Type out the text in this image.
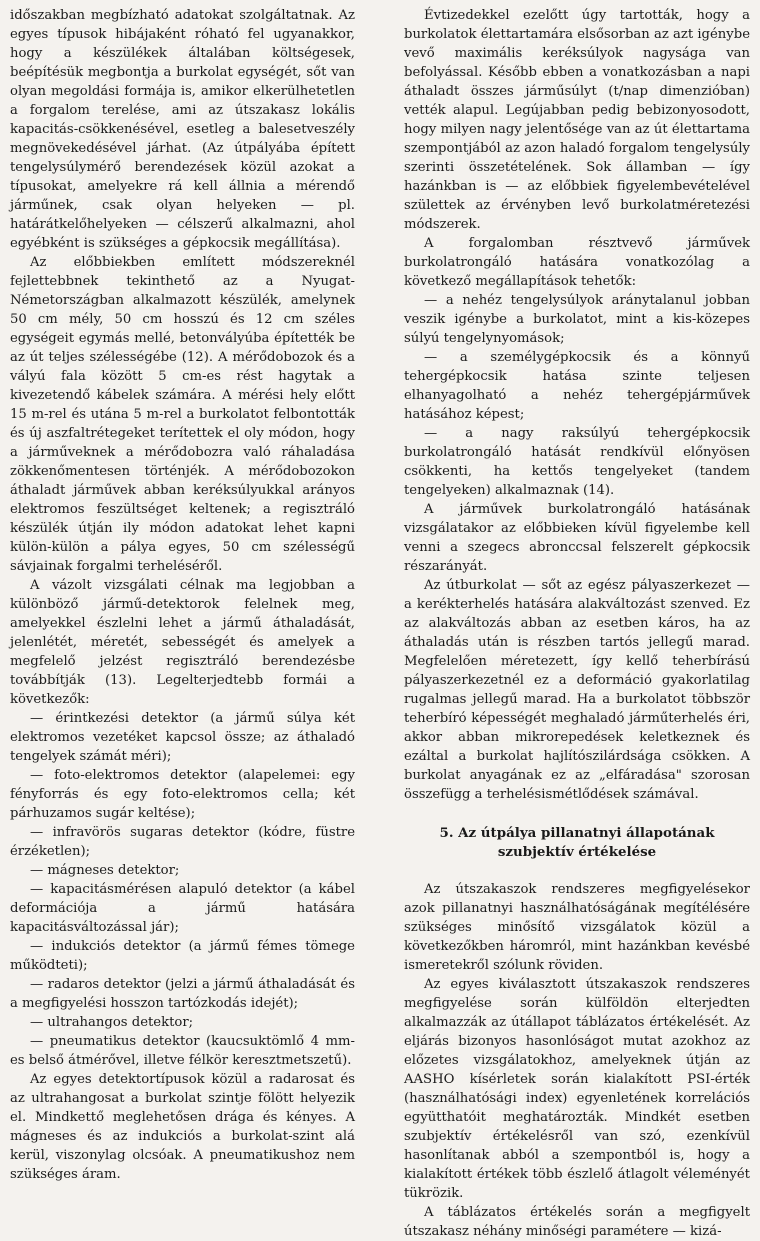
időszakban megbízható adatokat szolgáltatnak. Az egyes típusok hibájaként róható fel ugyanakkor, hogy a készülékek általában költségesek, beépítésük megbontja a burkolat egységét, sőt van olyan megoldási formája is, amikor elkerülhetetlen a forgalom terelése, ami az útszakasz lokális kapacitás-csökkenésével, esetleg a balesetveszély megnövekedésével járhat. (Az útpályába épített tengelysúlymérő berendezések közül azokat a típusokat, amelyekre rá kell állnia a mérendő járműnek, csak olyan helyeken — pl. határátkelőhelyeken — célszerű alkalmazni, ahol egyébként is szükséges a gépkocsik megállítása).

Az előbbiekben említett módszereknél fejlettebbnek tekinthető az a Nyugat-Németországban alkalmazott készülék, amelynek 50 cm mély, 50 cm hosszú és 12 cm széles egységeit egymás mellé, betonvályúba építették be az út teljes szélességébe (12). A mérődobozok és a vályú fala között 5 cm-es rést hagytak a kivezetendő kábelek számára. A mérési hely előtt 15 m-rel és utána 5 m-rel a burkolatot felbontották és új aszfaltrétegeket terítettek el oly módon, hogy a járműveknek a mérődobozra való ráhaladása zökkenőmentesen történjék. A mérődobozokon áthaladt járművek abban keréksúlyukkal arányos elektromos feszültséget keltenek; a regisztráló készülék útján ily módon adatokat lehet kapni külön-külön a pálya egyes, 50 cm szélességű sávjainak forgalmi terheléséről.

A vázolt vizsgálati célnak ma legjobban a különböző jármű-detektorok felelnek meg, amelyekkel észlelni lehet a jármű áthaladását, jelenlétét, méretét, sebességét és amelyek a megfelelő jelzést regisztráló berendezésbe továbbítják (13). Legelterjedtebb formái a következők:

— érintkezési detektor (a jármű súlya két elektromos vezetéket kapcsol össze; az áthaladó tengelyek számát méri);

— foto-elektromos detektor (alapelemei: egy fényforrás és egy foto-elektromos cella; két párhuzamos sugár keltése);

— infravörös sugaras detektor (kódre, füstre érzéketlen);

— mágneses detektor;

— kapacitásmérésen alapuló detektor (a kábel deformációja a jármű hatására kapacitásváltozással jár);

— indukciós detektor (a jármű fémes tömege működteti);

— radaros detektor (jelzi a jármű áthaladását és a megfigyelési hosszon tartózkodás idejét);

— ultrahangos detektor;

— pneumatikus detektor (kaucsuktömlő 4 mm-es belső átmérővel, illetve félkör keresztmetszetű).

Az egyes detektortípusok közül a radarosat és az ultrahangosat a burkolat szintje fölött helyezik el. Mindkettő meglehetősen drága és kényes. A mágneses és az indukciós a burkolat-szint alá kerül, viszonylag olcsóak. A pneumatikushoz nem szükséges áram.

Évtizedekkel ezelőtt úgy tartották, hogy a burkolatok élettartamára elsősorban az azt igénybe vevő maximális keréksúlyok nagysága van befolyással. Később ebben a vonatkozásban a napi áthaladt összes járműsúlyt (t/nap dimenzióban) vették alapul. Legújabban pedig bebizonyosodott, hogy milyen nagy jelentősége van az út élettartama szempontjából az azon haladó forgalom tengelysúly szerinti összetételének. Sok államban — így hazánkban is — az előbbiek figyelembevételével születtek az érvényben levő burkolatméretezési módszerek.

A forgalomban résztvevő járművek burkolatrongáló hatására vonatkozólag a következő megállapítások tehetők:

— a nehéz tengelysúlyok aránytalanul jobban veszik igénybe a burkolatot, mint a kis-közepes súlyú tengelynyomások;

— a személygépkocsik és a könnyű tehergépkocsik hatása szinte teljesen elhanyagolható a nehéz tehergépjárművek hatásához képest;

— a nagy raksúlyú tehergépkocsik burkolatrongáló hatását rendkívül előnyösen csökkenti, ha kettős tengelyeket (tandem tengelyeken) alkalmaznak (14).

A járművek burkolatrongáló hatásának vizsgálatakor az előbbieken kívül figyelembe kell venni a szegecs abronccsal felszerelt gépkocsik részarányát.

Az útburkolat — sőt az egész pályaszerkezet — a kerékterhelés hatására alakváltozást szenved. Ez az alakváltozás abban az esetben káros, ha az áthaladás után is részben tartós jellegű marad. Megfelelően méretezett, így kellő teherbírású pályaszerkezetnél ez a deformáció gyakorlatilag rugalmas jellegű marad. Ha a burkolatot többször teherbíró képességét meghaladó járműterhelés éri, akkor abban mikrorepedések keletkeznek és ezáltal a burkolat hajlítószilárdsága csökken. A burkolat anyagának ez az „elfáradása" szorosan összefügg a terhelésismétlődések számával.

5. Az útpálya pillanatnyi állapotának szubjektív értékelése

Az útszakaszok rendszeres megfigyelésekor azok pillanatnyi használhatóságának megítélésére szükséges minősítő vizsgálatok közül a következőkben háromról, mint hazánkban kevésbé ismeretekről szólunk röviden.

Az egyes kiválasztott útszakaszok rendszeres megfigyelése során külföldön elterjedten alkalmazzák az útállapot táblázatos értékelését. Az eljárás bizonyos hasonlóságot mutat azokhoz az előzetes vizsgálatokhoz, amelyeknek útján az AASHO kísérletek során kialakított PSI-érték (használhatósági index) egyenletének korrelációs együtthatóit meghatározták. Mindkét esetben szubjektív értékelésről van szó, ezenkívül hasonlítanak abból a szempontból is, hogy a kialakított értékek több észlelő átlagolt véleményét tükrözik.

A táblázatos értékelés során a megfigyelt útszakasz néhány minőségi paramétere — kizá-
